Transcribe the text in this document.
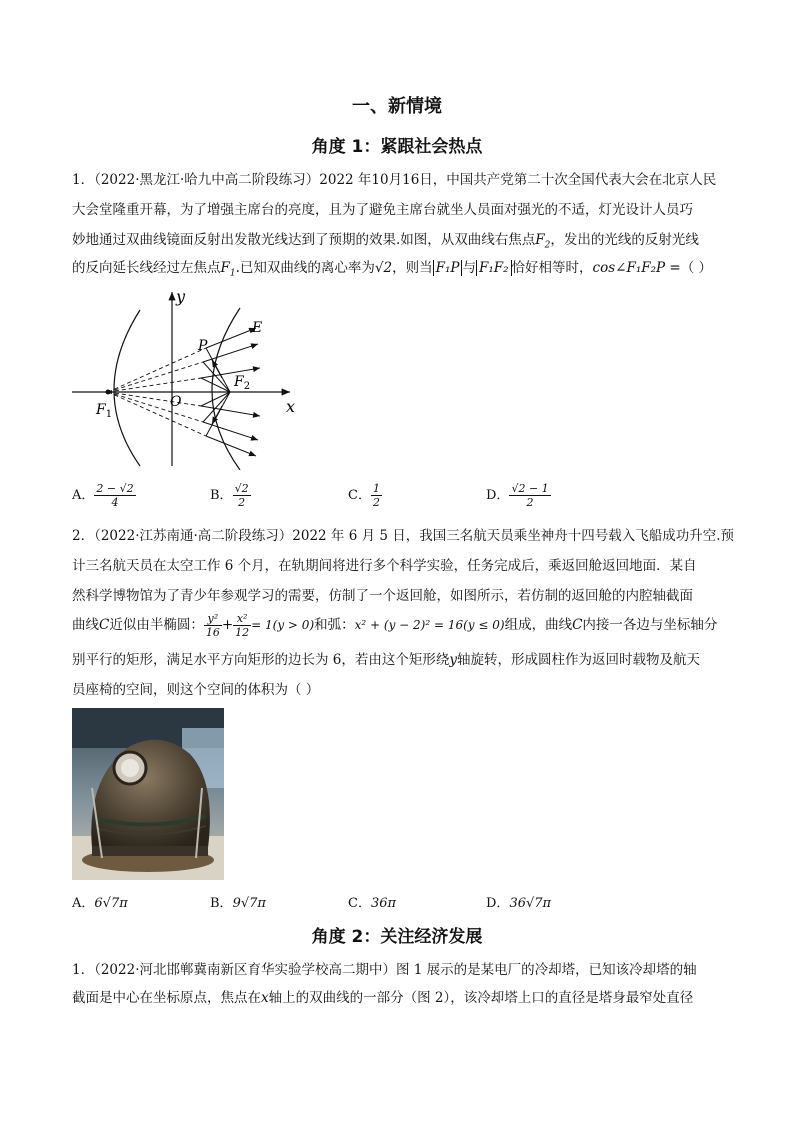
一、新情境
角度 1：紧跟社会热点
1．（2022·黑龙江·哈九中高二阶段练习）2022 年10月16日，中国共产党第二十次全国代表大会在北京人民
大会堂隆重开幕，为了增强主席台的亮度，且为了避免主席台就坐人员面对强光的不适，灯光设计人员巧
妙地通过双曲线镜面反射出发散光线达到了预期的效果.如图，从双曲线右焦点$F_2$，发出的光线的反射光线
的反向延长线经过左焦点$F_1$.已知双曲线的离心率为√2，则当 F₁P 与 F₁F₂ 恰好相等时，cos∠F₁F₂P =（ ）
y
x
E
P
O
$F_2$
$F_1$
A． $\frac{2 - √2}{4}$	B． $\frac{√2}{2}$	C． $\frac{1}{2}$	D． $\frac{√2 - 1}{2}$
2．（2022·江苏南通·高二阶段练习）2022 年 6 月 5 日，我国三名航天员乘坐神舟十四号载入飞船成功升空.预
计三名航天员在太空工作 6 个月，在轨期间将进行多个科学实验，任务完成后，乘返回舱返回地面．某自
然科学博物馆为了青少年参观学习的需要，仿制了一个返回舱，如图所示，若仿制的返回舱的内腔轴截面
曲线C近似由半椭圆： $\frac{\text{y²}}{16} + \frac{\text{x²}}{12} = 1(y > 0)$和弧：x² + (y − 2)² = 16(y ≤ 0)组成，曲线C内接一各边与坐标轴分
别平行的矩形，满足水平方向矩形的边长为 6，若由这个矩形绕y轴旋转，形成圆柱作为返回时载物及航天
员座椅的空间，则这个空间的体积为（ ）
A．6√7π	B．9√7π	C．36π	D．36√7π
角度 2：关注经济发展
1．（2022·河北邯郸冀南新区育华实验学校高二期中）图 1 展示的是某电厂的冷却塔，已知该冷却塔的轴
截面是中心在坐标原点，焦点在x轴上的双曲线的一部分（图 2），该冷却塔上口的直径是塔身最窄处直径
